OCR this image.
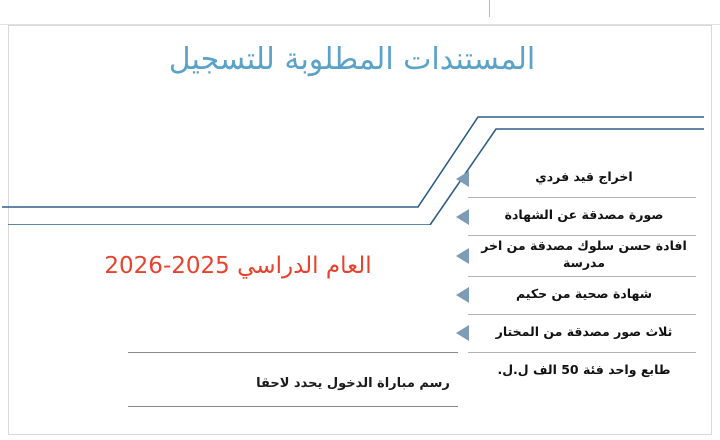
المستندات المطلوبة للتسجيل
العام الدراسي 2025-2026
رسم مباراة الدخول يحدد لاحقا
اخراج قيد فردي
صورة مصدقة عن الشهادة
افادة حسن سلوك مصدقة من اخر مدرسة
شهادة صحية من حكيم
ثلاث صور مصدقة من المختار
طابع واحد فئة 50 الف ل.ل.
